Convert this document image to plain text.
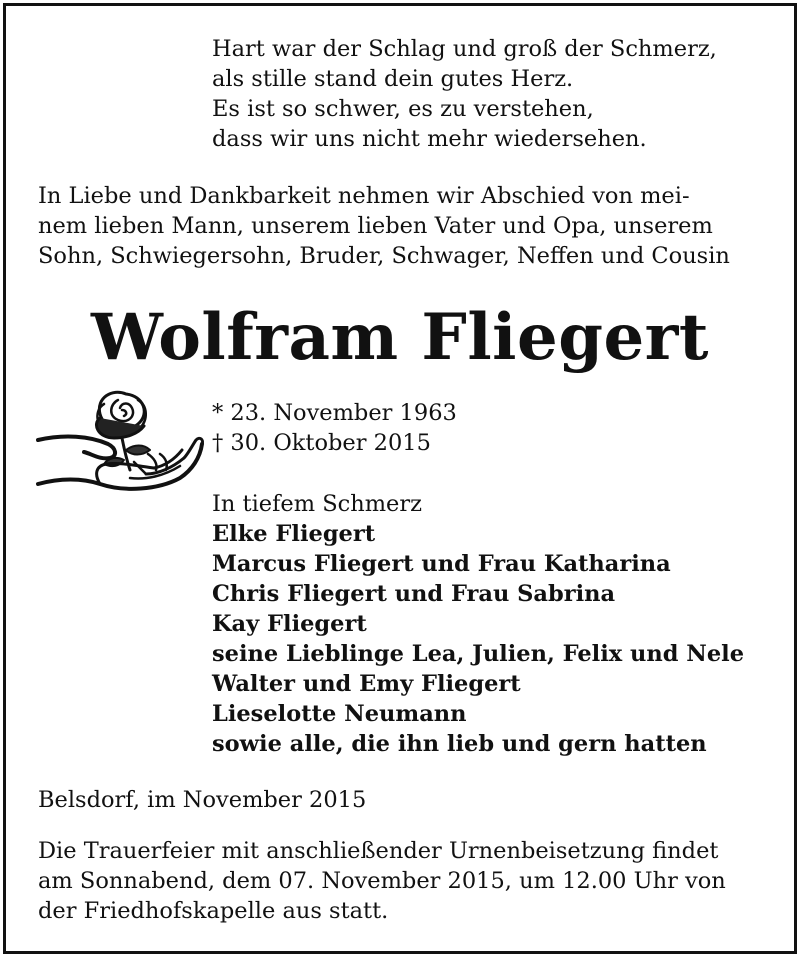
Hart war der Schlag und groß der Schmerz,
als stille stand dein gutes Herz.
Es ist so schwer, es zu verstehen,
dass wir uns nicht mehr wiedersehen.
In Liebe und Dankbarkeit nehmen wir Abschied von mei-
nem lieben Mann, unserem lieben Vater und Opa, unserem
Sohn, Schwiegersohn, Bruder, Schwager, Neffen und Cousin
Wolfram Fliegert
* 23. November 1963
† 30. Oktober 2015
In tiefem Schmerz
Elke Fliegert
Marcus Fliegert und Frau Katharina
Chris Fliegert und Frau Sabrina
Kay Fliegert
seine Lieblinge Lea, Julien, Felix und Nele
Walter und Emy Fliegert
Lieselotte Neumann
sowie alle, die ihn lieb und gern hatten
Belsdorf, im November 2015
Die Trauerfeier mit anschließender Urnenbeisetzung findet
am Sonnabend, dem 07. November 2015, um 12.00 Uhr von
der Friedhofskapelle aus statt.
